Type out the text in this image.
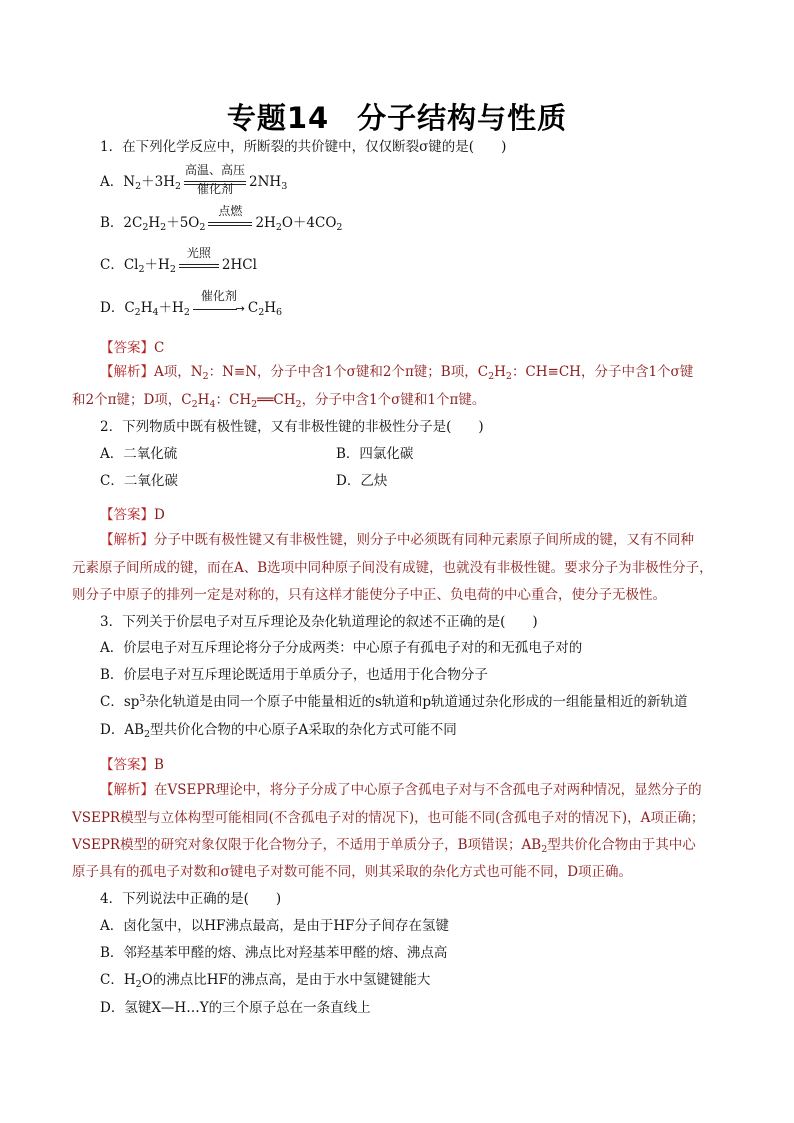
专题14 分子结构与性质
1．在下列化学反应中，所断裂的共价键中，仅仅断裂σ键的是(　　)
A．$N_2+3H_2$
高温、高压
催化剂	$2NH_3$
B．$2C_2H_2+5O_2$
点燃
$2H_2O+4CO_2$
C．$Cl_2+H_2$
光照
2HCl
D．$C_2H_4+H_2$
催化剂
→ $C_2H_6$
【答案】C
【解析】A项，$N_2$：N≡N，分子中含1个σ键和2个π键；B项，$C_2H_2$：CH≡CH，分子中含1个σ键
和2个π键；D项，$C_2H_4$：$CH_2══CH_2$，分子中含1个σ键和1个π键。
2．下列物质中既有极性键，又有非极性键的非极性分子是(　　)
A．二氧化硫	B．四氯化碳
C．二氧化碳	D．乙炔
【答案】D
【解析】分子中既有极性键又有非极性键，则分子中必须既有同种元素原子间所成的键，又有不同种
元素原子间所成的键，而在A、B选项中同种原子间没有成键，也就没有非极性键。要求分子为非极性分子，
则分子中原子的排列一定是对称的，只有这样才能使分子中正、负电荷的中心重合，使分子无极性。
3．下列关于价层电子对互斥理论及杂化轨道理论的叙述不正确的是(　　)
A．价层电子对互斥理论将分子分成两类：中心原子有孤电子对的和无孤电子对的
B．价层电子对互斥理论既适用于单质分子，也适用于化合物分子
C．$sp^3$杂化轨道是由同一个原子中能量相近的s轨道和p轨道通过杂化形成的一组能量相近的新轨道
D．$AB_2$型共价化合物的中心原子A采取的杂化方式可能不同
【答案】B
【解析】在VSEPR理论中，将分子分成了中心原子含孤电子对与不含孤电子对两种情况，显然分子的
VSEPR模型与立体构型可能相同(不含孤电子对的情况下)，也可能不同(含孤电子对的情况下)，A项正确；
VSEPR模型的研究对象仅限于化合物分子，不适用于单质分子，B项错误；$AB_2$型共价化合物由于其中心
原子具有的孤电子对数和σ键电子对数可能不同，则其采取的杂化方式也可能不同，D项正确。
4．下列说法中正确的是(　　)
A．卤化氢中，以HF沸点最高，是由于HF分子间存在氢键
B．邻羟基苯甲醛的熔、沸点比对羟基苯甲醛的熔、沸点高
C．$H_2O$的沸点比HF的沸点高，是由于水中氢键键能大
D．氢键X—H…Y的三个原子总在一条直线上
